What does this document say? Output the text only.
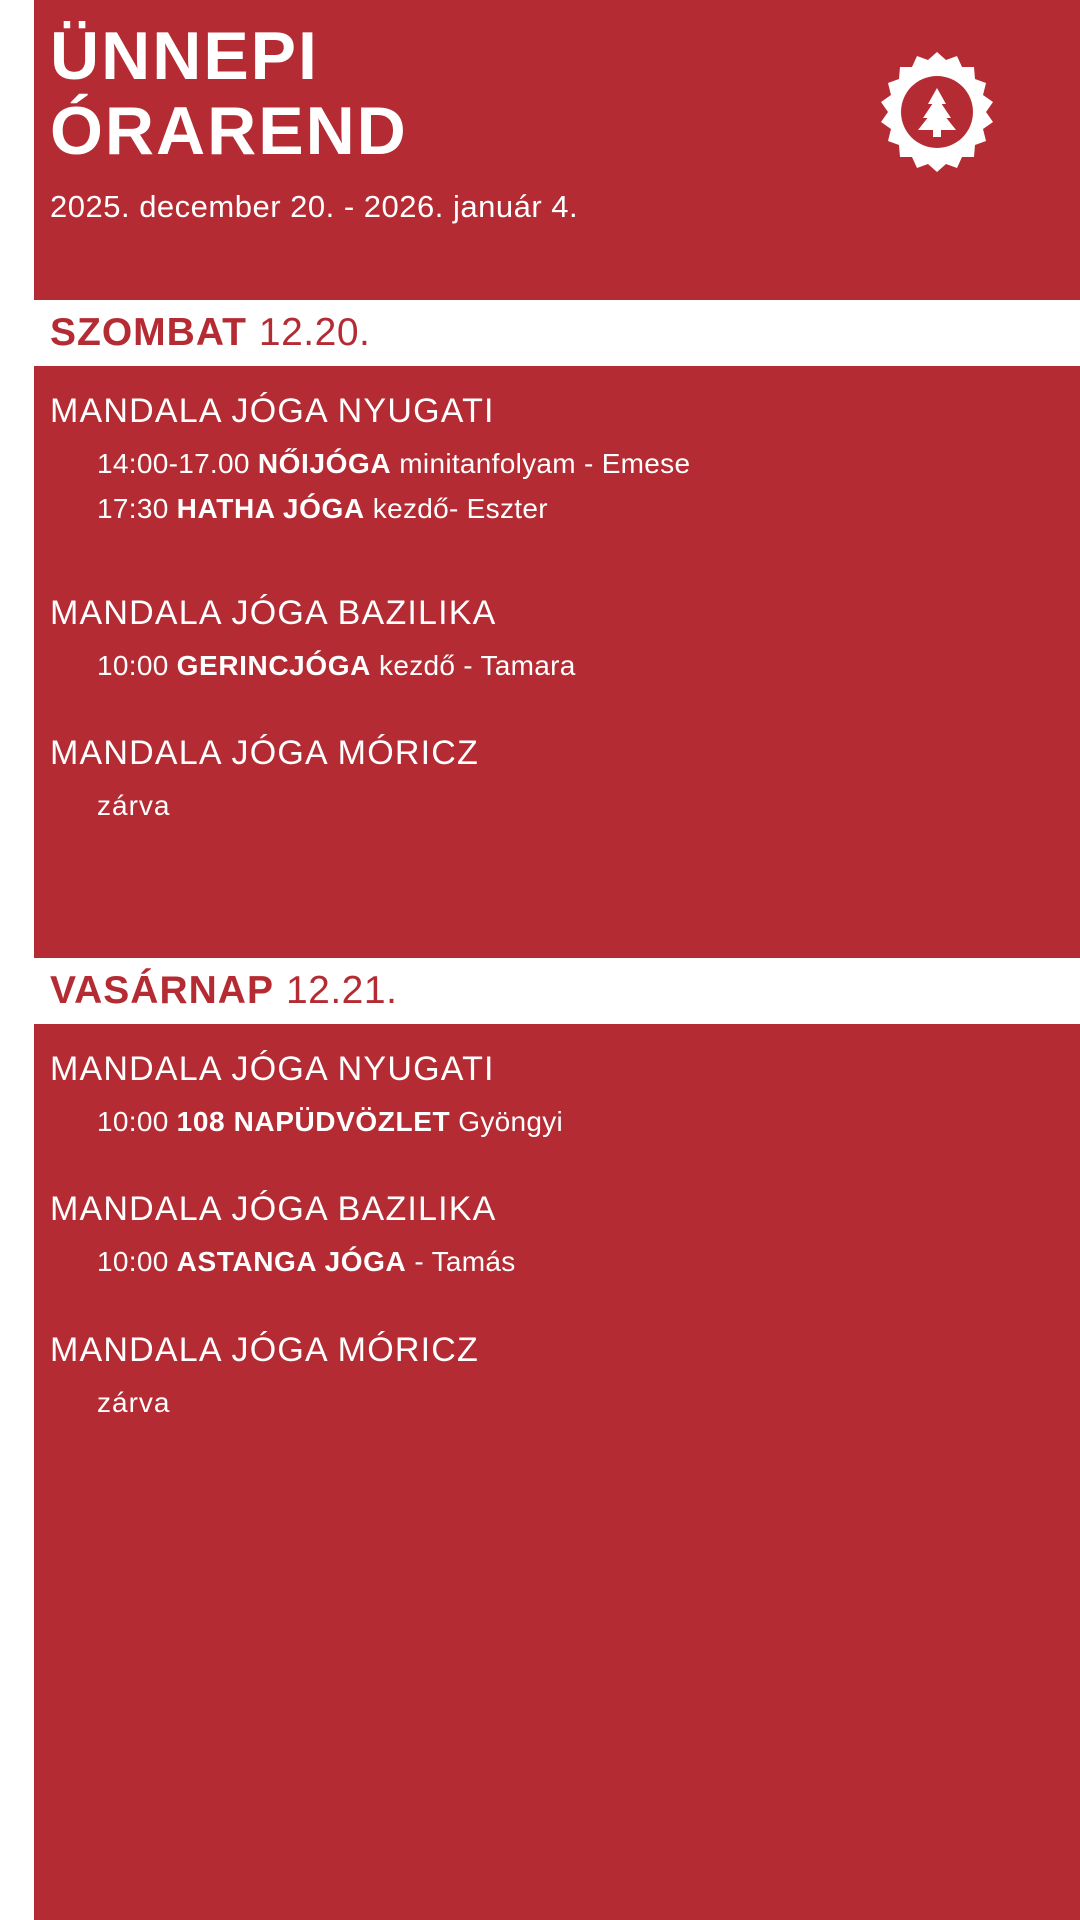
ÜNNEPI
ÓRAREND
2025. december 20. - 2026. január 4.
SZOMBAT 12.20.
MANDALA JÓGA NYUGATI
14:00-17.00 NŐIJÓGA minitanfolyam - Emese
17:30 HATHA JÓGA kezdő- Eszter
MANDALA JÓGA BAZILIKA
10:00 GERINCJÓGA kezdő - Tamara
MANDALA JÓGA MÓRICZ
zárva
VASÁRNAP 12.21.
MANDALA JÓGA NYUGATI
10:00 108 NAPÜDVÖZLET Gyöngyi
MANDALA JÓGA BAZILIKA
10:00 ASTANGA JÓGA - Tamás
MANDALA JÓGA MÓRICZ
zárva
